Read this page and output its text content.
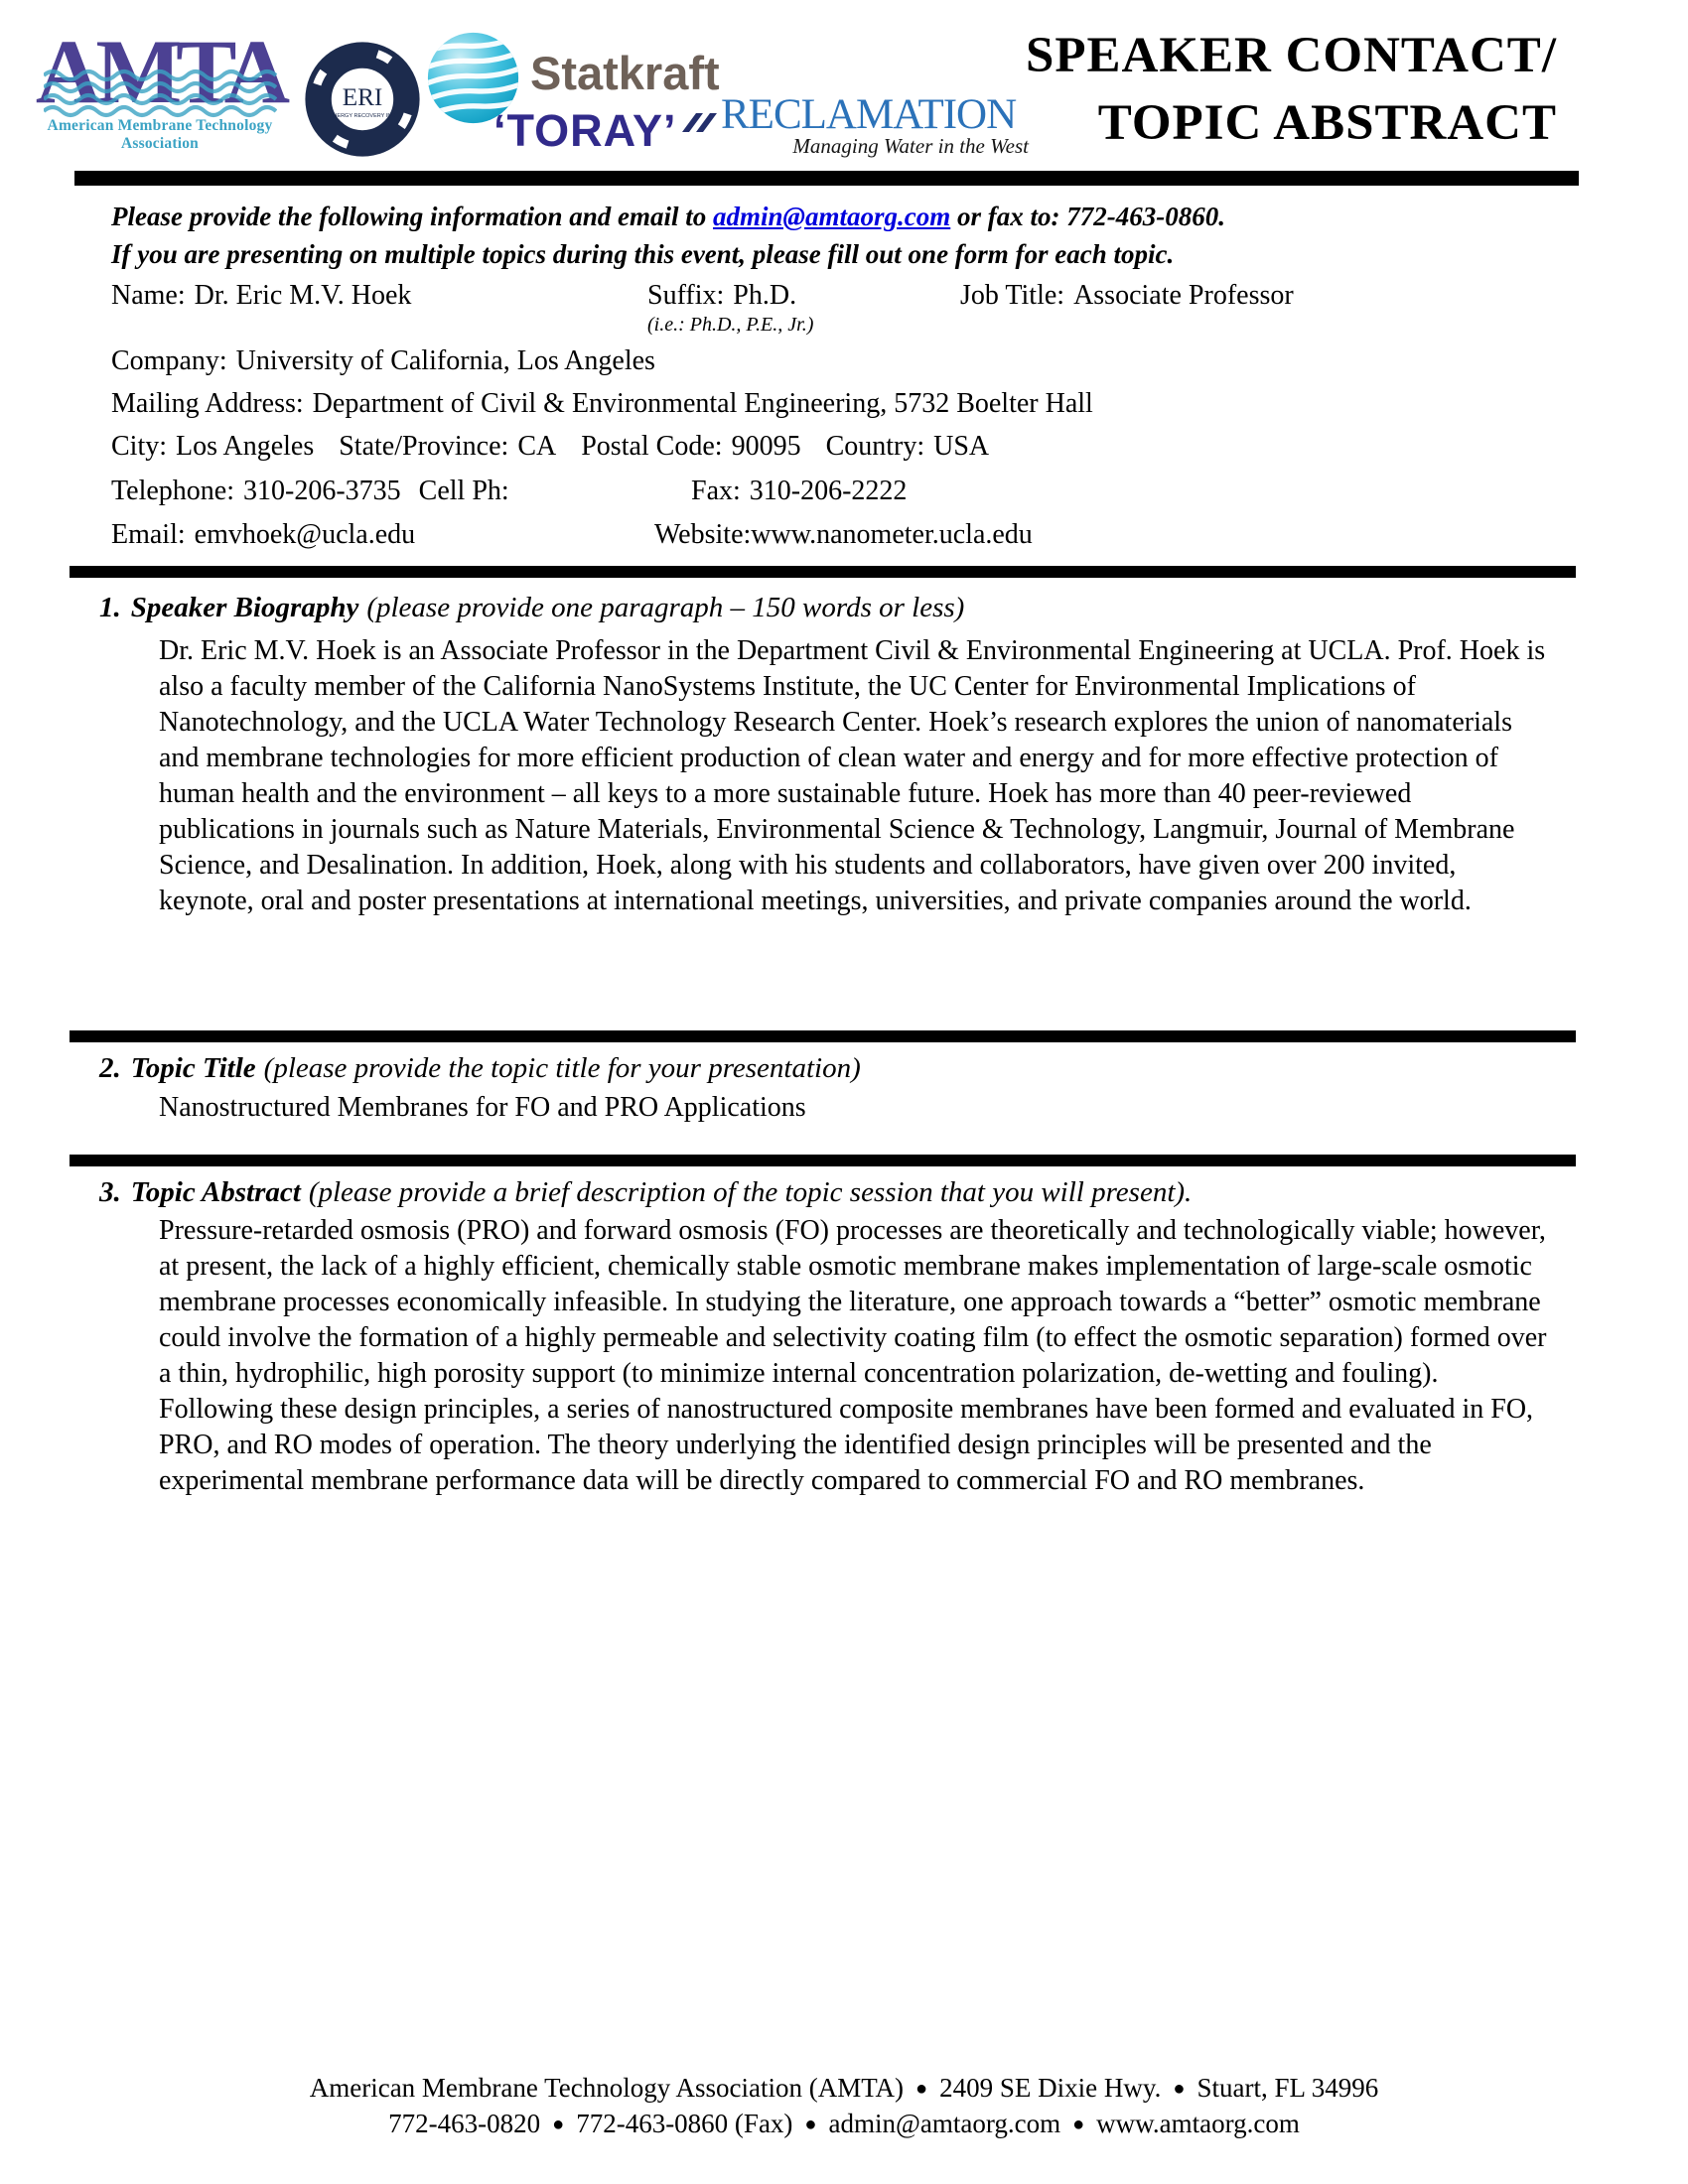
AMTA
American Membrane Technology Association
ERI
ENERGY RECOVERY INC
Statkraft
‘TORAY’ RECLAMATION
Managing Water in the West
SPEAKER CONTACT/
TOPIC ABSTRACT
Please provide the following information and email to admin@amtaorg.com or fax to: 772-463-0860.
If you are presenting on multiple topics during this event, please fill out one form for each topic.
Name: Dr. Eric M.V. Hoek	Suffix: Ph.D.	Job Title: Associate Professor
(i.e.: Ph.D., P.E., Jr.)
Company: University of California, Los Angeles
Mailing Address: Department of Civil & Environmental Engineering, 5732 Boelter Hall
City: Los Angeles State/Province: CA Postal Code: 90095 Country: USA
Telephone: 310-206-3735 Cell Ph:	Fax: 310-206-2222
Email: emvhoek@ucla.edu	Website:www.nanometer.ucla.edu
1. Speaker Biography (please provide one paragraph – 150 words or less)
Dr. Eric M.V. Hoek is an Associate Professor in the Department Civil & Environmental Engineering at UCLA. Prof. Hoek is also a faculty member of the California NanoSystems Institute, the UC Center for Environmental Implications of Nanotechnology, and the UCLA Water Technology Research Center. Hoek’s research explores the union of nanomaterials and membrane technologies for more efficient production of clean water and energy and for more effective protection of human health and the environment – all keys to a more sustainable future. Hoek has more than 40 peer-reviewed publications in journals such as Nature Materials, Environmental Science & Technology, Langmuir, Journal of Membrane Science, and Desalination. In addition, Hoek, along with his students and collaborators, have given over 200 invited, keynote, oral and poster presentations at international meetings, universities, and private companies around the world.
2. Topic Title (please provide the topic title for your presentation)
Nanostructured Membranes for FO and PRO Applications
3. Topic Abstract (please provide a brief description of the topic session that you will present).
Pressure-retarded osmosis (PRO) and forward osmosis (FO) processes are theoretically and technologically viable; however, at present, the lack of a highly efficient, chemically stable osmotic membrane makes implementation of large-scale osmotic membrane processes economically infeasible. In studying the literature, one approach towards a “better” osmotic membrane could involve the formation of a highly permeable and selectivity coating film (to effect the osmotic separation) formed over a thin, hydrophilic, high porosity support (to minimize internal concentration polarization, de-wetting and fouling). Following these design principles, a series of nanostructured composite membranes have been formed and evaluated in FO, PRO, and RO modes of operation. The theory underlying the identified design principles will be presented and the experimental membrane performance data will be directly compared to commercial FO and RO membranes.
American Membrane Technology Association (AMTA) ● 2409 SE Dixie Hwy. ● Stuart, FL 34996
772-463-0820 ● 772-463-0860 (Fax) ● admin@amtaorg.com ● www.amtaorg.com
